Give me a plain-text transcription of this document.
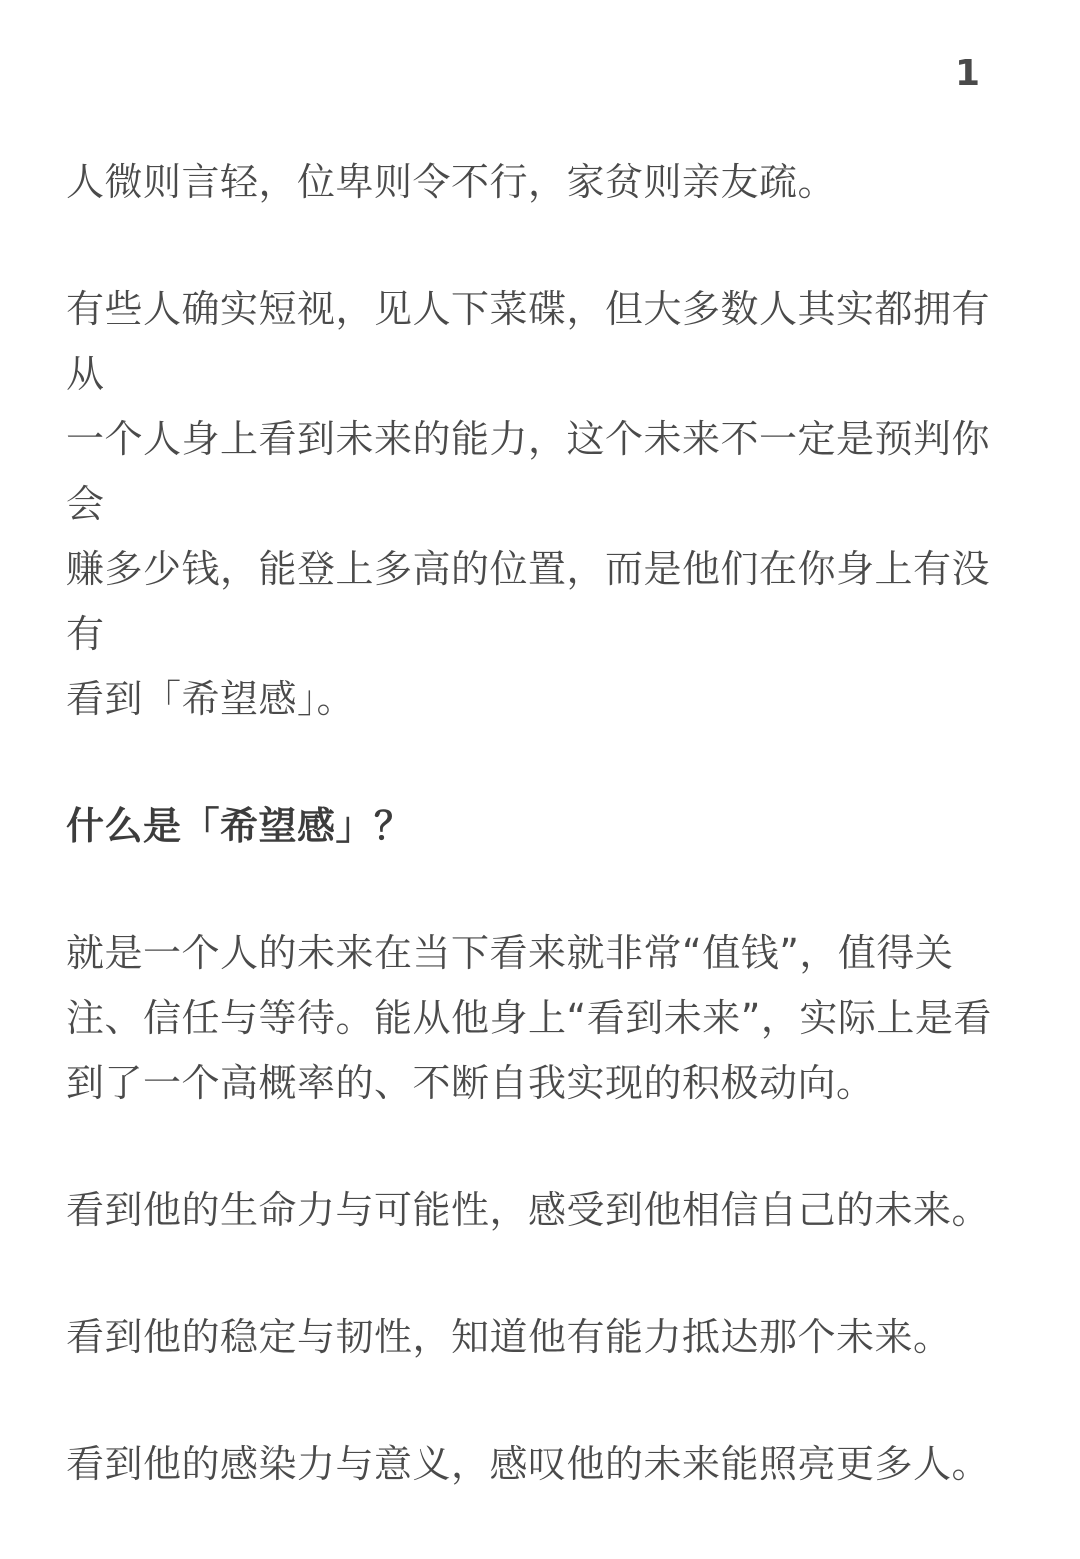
1

人微则言轻，位卑则令不行，家贫则亲友疏。

有些人确实短视，见人下菜碟，但大多数人其实都拥有从
一个人身上看到未来的能力，这个未来不一定是预判你会
赚多少钱，能登上多高的位置，而是他们在你身上有没有
看到「希望感」。

什么是「希望感」？

就是一个人的未来在当下看来就非常“值钱”，值得关
注、信任与等待。能从他身上“看到未来”，实际上是看
到了一个高概率的、不断自我实现的积极动向。

看到他的生命力与可能性，感受到他相信自己的未来。

看到他的稳定与韧性，知道他有能力抵达那个未来。

看到他的感染力与意义，感叹他的未来能照亮更多人。
